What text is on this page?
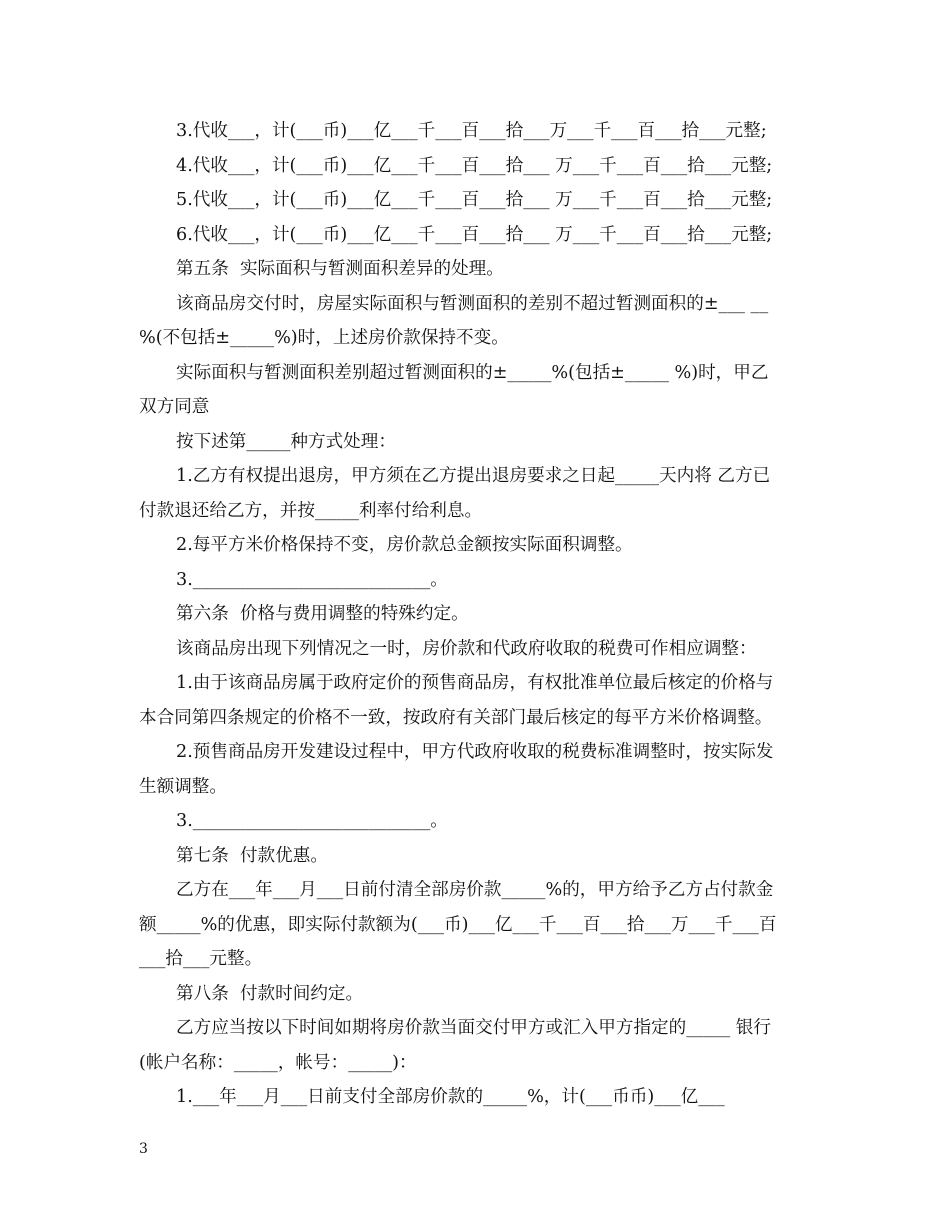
3.代收___，计(___币)___亿___千___百___拾___万___千___百___拾___元整;
4.代收___，计(___币)___亿___千___百___拾___ 万___千___百___拾___元整;
5.代收___，计(___币)___亿___千___百___拾___ 万___千___百___拾___元整;
6.代收___，计(___币)___亿___千___百___拾___ 万___千___百___拾___元整;
第五条  实际面积与暂测面积差异的处理。
该商品房交付时，房屋实际面积与暂测面积的差别不超过暂测面积的±___ __
%(不包括±_____%)时，上述房价款保持不变。
实际面积与暂测面积差别超过暂测面积的±_____%(包括±_____ %)时，甲乙
双方同意
按下述第_____种方式处理：
1.乙方有权提出退房，甲方须在乙方提出退房要求之日起_____天内将 乙方已
付款退还给乙方，并按_____利率付给利息。
2.每平方米价格保持不变，房价款总金额按实际面积调整。
3.___________________________。
第六条  价格与费用调整的特殊约定。
该商品房出现下列情况之一时，房价款和代政府收取的税费可作相应调整：
1.由于该商品房属于政府定价的预售商品房，有权批准单位最后核定的价格与
本合同第四条规定的价格不一致，按政府有关部门最后核定的每平方米价格调整。
2.预售商品房开发建设过程中，甲方代政府收取的税费标准调整时，按实际发
生额调整。
3.___________________________。
第七条  付款优惠。
乙方在___年___月___日前付清全部房价款_____%的，甲方给予乙方占付款金
额_____%的优惠，即实际付款额为(___币)___亿___千___百___拾___万___千___百
___拾___元整。
第八条  付款时间约定。
乙方应当按以下时间如期将房价款当面交付甲方或汇入甲方指定的_____ 银行
(帐户名称：_____，帐号：_____)：
1.___年___月___日前支付全部房价款的_____%，计(___币币)___亿___
3
